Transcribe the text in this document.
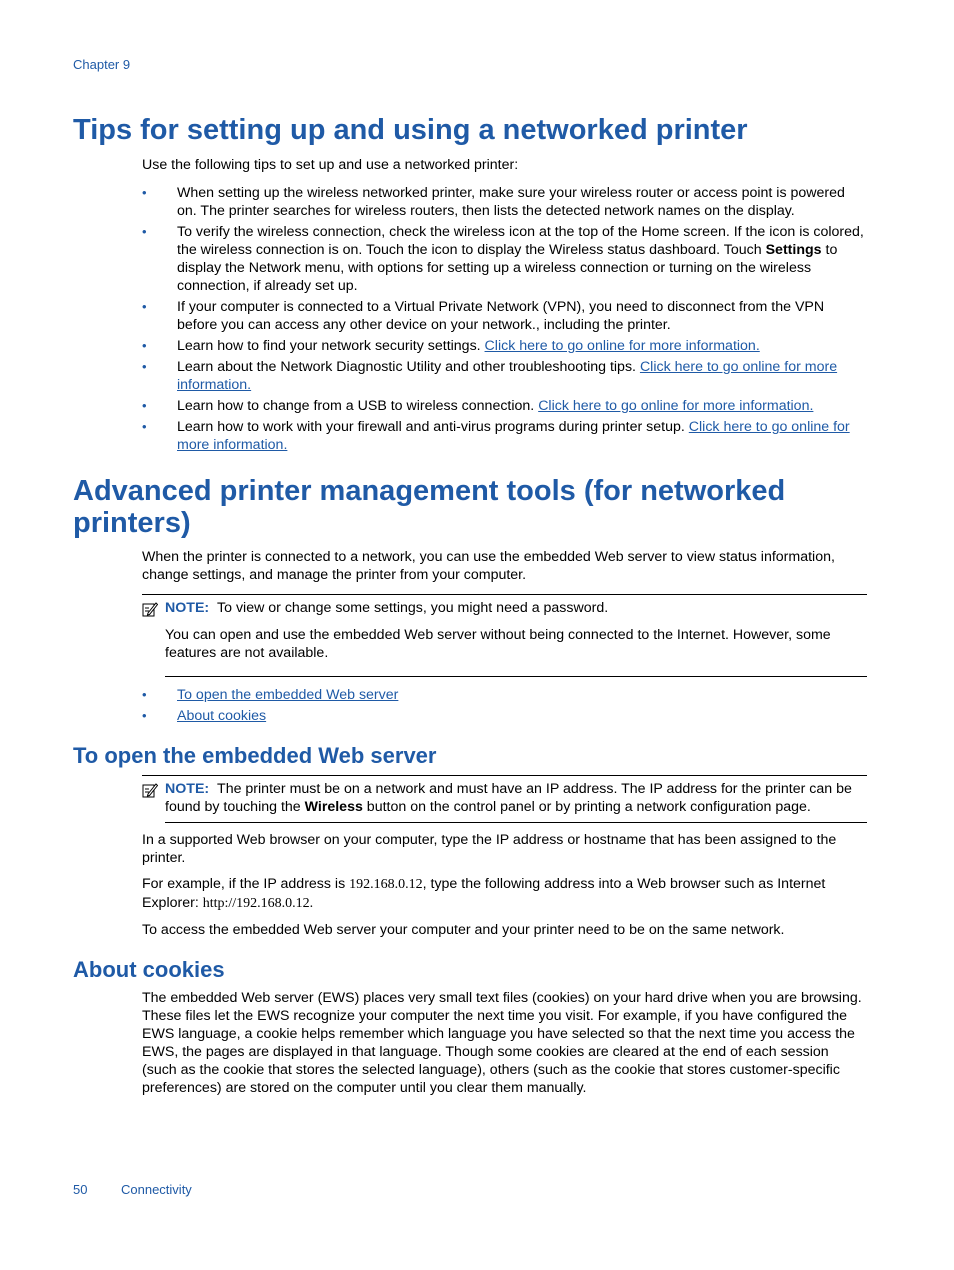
Chapter 9
Tips for setting up and using a networked printer

Use the following tips to set up and use a networked printer:

• When setting up the wireless networked printer, make sure your wireless router or access point is powered on. The printer searches for wireless routers, then lists the detected network names on the display.
• To verify the wireless connection, check the wireless icon at the top of the Home screen. If the icon is colored, the wireless connection is on. Touch the icon to display the Wireless status dashboard. Touch Settings to display the Network menu, with options for setting up a wireless connection or turning on the wireless connection, if already set up.
• If your computer is connected to a Virtual Private Network (VPN), you need to disconnect from the VPN before you can access any other device on your network., including the printer.
• Learn how to find your network security settings. Click here to go online for more information.
• Learn about the Network Diagnostic Utility and other troubleshooting tips. Click here to go online for more information.
• Learn how to change from a USB to wireless connection. Click here to go online for more information.
• Learn how to work with your firewall and anti-virus programs during printer setup. Click here to go online for more information.
Advanced printer management tools (for networked printers)

When the printer is connected to a network, you can use the embedded Web server to view status information, change settings, and manage the printer from your computer.

NOTE: To view or change some settings, you might need a password.
You can open and use the embedded Web server without being connected to the Internet. However, some features are not available.
• To open the embedded Web server
• About cookies
To open the embedded Web server
NOTE: The printer must be on a network and must have an IP address. The IP address for the printer can be found by touching the Wireless button on the control panel or by printing a network configuration page.

In a supported Web browser on your computer, type the IP address or hostname that has been assigned to the printer.

For example, if the IP address is 192.168.0.12, type the following address into a Web browser such as Internet Explorer: http://192.168.0.12.

To access the embedded Web server your computer and your printer need to be on the same network.

About cookies

The embedded Web server (EWS) places very small text files (cookies) on your hard drive when you are browsing. These files let the EWS recognize your computer the next time you visit. For example, if you have configured the EWS language, a cookie helps remember which language you have selected so that the next time you access the EWS, the pages are displayed in that language. Though some cookies are cleared at the end of each session (such as the cookie that stores the selected language), others (such as the cookie that stores customer-specific preferences) are stored on the computer until you clear them manually.

50	Connectivity
